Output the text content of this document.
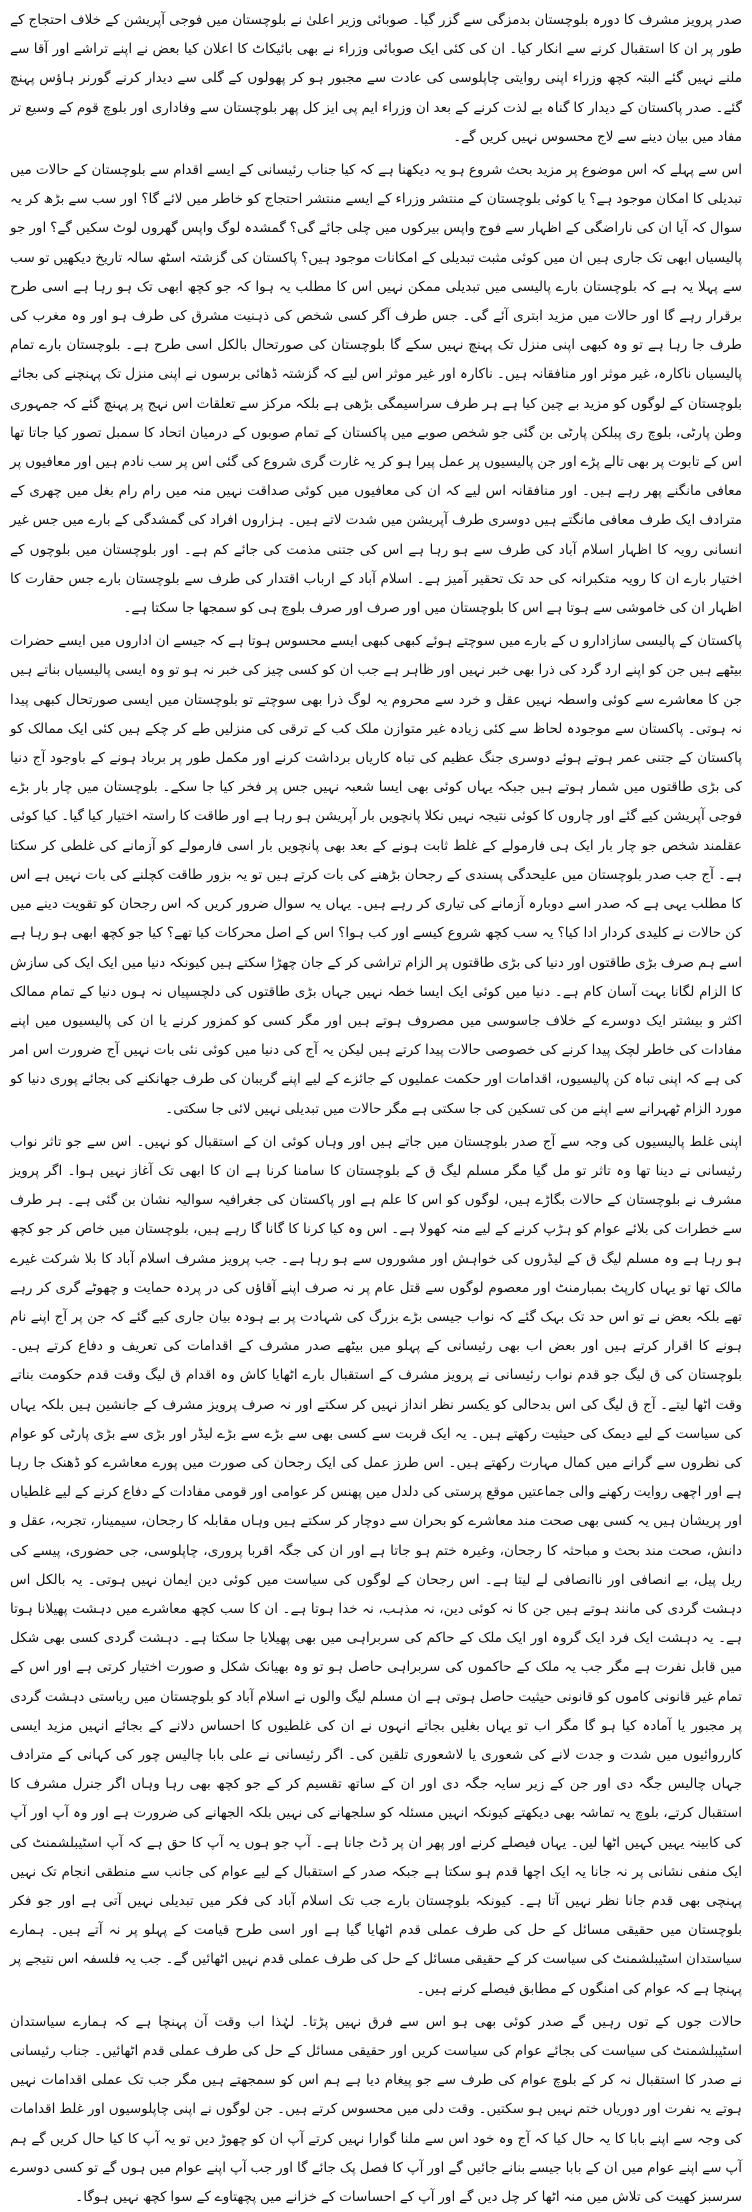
صدر پرویز مشرف کا دورہ بلوچستان بدمزگی سے گزر گیا۔ صوبائی وزیر اعلیٰ نے بلوچستان میں فوجی آپریشن کے خلاف احتجاج کے طور پر ان کا استقبال کرنے سے انکار کیا۔ ان کی کئی ایک صوبائی وزراء نے بھی بائیکاٹ کا اعلان کیا بعض نے اپنے تراشے اور آقا سے ملنے نہیں گئے البتہ کچھ وزراء اپنی روایتی چاپلوسی کی عادت سے مجبور ہو کر پھولوں کے گلی سے دیدار کرنے گورنر ہاؤس پہنچ گئے۔ صدر پاکستان کے دیدار کا گناہ بے لذت کرنے کے بعد ان وزراء ایم پی ایز کل پھر بلوچستان سے وفاداری اور بلوچ قوم کے وسیع تر مفاد میں بیان دینے سے لاج محسوس نہیں کریں گے۔

اس سے پہلے کہ اس موضوع پر مزید بحث شروع ہو یہ دیکھنا ہے کہ کیا جناب رئیسانی کے ایسے اقدام سے بلوچستان کے حالات میں تبدیلی کا امکان موجود ہے؟ یا کوئی بلوچستان کے منتشر وزراء کے ایسے منتشر احتجاج کو خاطر میں لائے گا؟ اور سب سے بڑھ کر یہ سوال کہ آیا ان کی ناراضگی کے اظہار سے فوج واپس بیرکوں میں چلی جائے گی؟ گمشدہ لوگ واپس گھروں لوٹ سکیں گے؟ اور جو پالیسیاں ابھی تک جاری ہیں ان میں کوئی مثبت تبدیلی کے امکانات موجود ہیں؟ پاکستان کی گزشتہ اسٹھ سالہ تاریخ دیکھیں تو سب سے پہلا یہ ہے کہ بلوچستان بارے پالیسی میں تبدیلی ممکن نہیں اس کا مطلب یہ ہوا کہ جو کچھ ابھی تک ہو رہا ہے اسی طرح برقرار رہے گا اور حالات میں مزید ابتری آئے گی۔ جس طرف آگر کسی شخص کی ذہنیت مشرق کی طرف ہو اور وہ مغرب کی طرف جا رہا ہے تو وہ کبھی اپنی منزل تک پہنچ نہیں سکے گا بلوچستان کی صورتحال بالکل اسی طرح ہے۔ بلوچستان بارے تمام پالیسیاں ناکارہ، غیر موثر اور منافقانہ ہیں۔ ناکارہ اور غیر موثر اس لیے کہ گزشتہ ڈھائی برسوں نے اپنی منزل تک پہنچنے کی بجائے بلوچستان کے لوگوں کو مزید بے چین کیا ہے ہر طرف سراسیمگی بڑھی ہے بلکہ مرکز سے تعلقات اس نہج پر پہنچ گئے کہ جمہوری وطن پارٹی، بلوچ ری پبلکن پارٹی بن گئی جو شخص صوبے میں پاکستان کے تمام صوبوں کے درمیان اتحاد کا سمبل تصور کیا جاتا تھا اس کے تابوت پر بھی تالے پڑے اور جن پالیسیوں پر عمل پیرا ہو کر یہ غارت گری شروع کی گئی اس پر سب نادم ہیں اور معافیوں پر معافی مانگنے پھر رہے ہیں۔ اور منافقانہ اس لیے کہ ان کی معافیوں میں کوئی صداقت نہیں منہ میں رام رام بغل میں چھری کے مترادف ایک طرف معافی مانگتے ہیں دوسری طرف آپریشن میں شدت لاتے ہیں۔ ہزاروں افراد کی گمشدگی کے بارے میں جس غیر انسانی رویہ کا اظہار اسلام آباد کی طرف سے ہو رہا ہے اس کی جتنی مذمت کی جائے کم ہے۔ اور بلوچستان میں بلوچوں کے اختیار بارے ان کا رویہ متکبرانہ کی حد تک تحقیر آمیز ہے۔ اسلام آباد کے ارباب اقتدار کی طرف سے بلوچستان بارے جس حقارت کا اظہار ان کی خاموشی سے ہوتا ہے اس کا بلوچستان میں اور صرف اور صرف بلوچ ہی کو سمجھا جا سکتا ہے۔

پاکستان کے پالیسی سازادارو ں کے بارے میں سوچتے ہوئے کبھی کبھی ایسے محسوس ہوتا ہے کہ جیسے ان اداروں میں ایسے حضرات بیٹھے ہیں جن کو اپنے ارد گرد کی ذرا بھی خبر نہیں اور ظاہر ہے جب ان کو کسی چیز کی خبر نہ ہو تو وہ ایسی پالیسیاں بناتے ہیں جن کا معاشرے سے کوئی واسطہ نہیں عقل و خرد سے محروم یہ لوگ ذرا بھی سوچتے تو بلوچستان میں ایسی صورتحال کبھی پیدا نہ ہوتی۔ پاکستان سے موجودہ لحاظ سے کئی زیادہ غیر متوازن ملک کب کے ترقی کی منزلیں طے کر چکے ہیں کئی ایک ممالک کو پاکستان کے جتنی عمر ہوتے ہوئے دوسری جنگ عظیم کی تباہ کاریاں برداشت کرنے اور مکمل طور پر برباد ہونے کے باوجود آج دنیا کی بڑی طاقتوں میں شمار ہوتے ہیں جبکہ یہاں کوئی بھی ایسا شعبہ نہیں جس پر فخر کیا جا سکے۔ بلوچستان میں چار بار بڑے فوجی آپریشن کیے گئے اور چاروں کا کوئی نتیجہ نہیں نکلا پانچویں بار آپریشن ہو رہا ہے اور طاقت کا راستہ اختیار کیا گیا۔ کیا کوئی عقلمند شخص جو چار بار ایک ہی فارمولے کے غلط ثابت ہونے کے بعد بھی پانچویں بار اسی فارمولے کو آزمانے کی غلطی کر سکتا ہے۔ آج جب صدر بلوچستان میں علیحدگی پسندی کے رجحان بڑھنے کی بات کرتے ہیں تو یہ بزور طاقت کچلنے کی بات نہیں ہے اس کا مطلب یہی ہے کہ صدر اسے دوبارہ آزمانے کی تیاری کر رہے ہیں۔ یہاں یہ سوال ضرور کریں کہ اس رجحان کو تقویت دینے میں کن حالات نے کلیدی کردار ادا کیا؟ یہ سب کچھ شروع کیسے اور کب ہوا؟ اس کے اصل محرکات کیا تھے؟ کیا جو کچھ ابھی ہو رہا ہے اسے ہم صرف بڑی طاقتوں اور دنیا کی بڑی طاقتوں پر الزام تراشی کر کے جان چھڑا سکتے ہیں کیونکہ دنیا میں ایک ایک کی سازش کا الزام لگانا بہت آسان کام ہے۔ دنیا میں کوئی ایک ایسا خطہ نہیں جہاں بڑی طاقتوں کی دلچسپیاں نہ ہوں دنیا کے تمام ممالک اکثر و بیشتر ایک دوسرے کے خلاف جاسوسی میں مصروف ہوتے ہیں اور مگر کسی کو کمزور کرنے یا ان کی پالیسیوں میں اپنے مفادات کی خاطر لچک پیدا کرنے کی خصوصی حالات پیدا کرتے ہیں لیکن یہ آج کی دنیا میں کوئی نئی بات نہیں آج ضرورت اس امر کی ہے کہ اپنی تباہ کن پالیسیوں، اقدامات اور حکمت عملیوں کے جائزے کے لیے اپنے گریبان کی طرف جھانکنے کی بجائے پوری دنیا کو مورد الزام ٹھہرانے سے اپنے من کی تسکین کی جا سکتی ہے مگر حالات میں تبدیلی نہیں لائی جا سکتی۔

اپنی غلط پالیسیوں کی وجہ سے آج صدر بلوچستان میں جاتے ہیں اور وہاں کوئی ان کے استقبال کو نہیں۔ اس سے جو تاثر نواب رئیسانی نے دینا تھا وہ تاثر تو مل گیا مگر مسلم لیگ ق کے بلوچستان کا سامنا کرنا ہے ان کا ابھی تک آغاز نہیں ہوا۔ اگر پرویز مشرف نے بلوچستان کے حالات بگاڑے ہیں، لوگوں کو اس کا علم ہے اور پاکستان کی جغرافیہ سوالیہ نشان بن گئی ہے۔ ہر طرف سے خطرات کی بلائے عوام کو ہڑپ کرنے کے لیے منہ کھولا ہے۔ اس وہ کیا کرنا کا گانا گا رہے ہیں، بلوچستان میں خاص کر جو کچھ ہو رہا ہے وہ مسلم لیگ ق کے لیڈروں کی خواہش اور مشوروں سے ہو رہا ہے۔ جب پرویز مشرف اسلام آباد کا بلا شرکت غیرے مالک تھا تو یہاں کارپٹ بمبارمنٹ اور معصوم لوگوں سے قتل عام پر نہ صرف اپنے آقاؤں کی در پردہ حمایت و چھوٹے گری کر رہے تھے بلکہ بعض نے تو اس حد تک بہک گئے کہ نواب جیسی بڑے بزرگ کی شہادت پر بے ہودہ بیان جاری کیے گئے کہ جن پر آج اپنے نام ہونے کا اقرار کرتے ہیں اور بعض اب بھی رئیسانی کے پہلو میں بیٹھے صدر مشرف کے اقدامات کی تعریف و دفاع کرتے ہیں۔ بلوچستان کی ق لیگ جو قدم نواب رئیسانی نے پرویز مشرف کے استقبال بارے اٹھایا کاش وہ اقدام ق لیگ وقت قدم حکومت بناتے وقت اٹھا لیتے۔ آج ق لیگ کی اس بدحالی کو یکسر نظر انداز نہیں کر سکتے اور نہ صرف پرویز مشرف کے جانشین ہیں بلکہ یہاں کی سیاست کے لیے دیمک کی حیثیت رکھتے ہیں۔ یہ ایک قربت سے کسی بھی سے بڑے سے بڑے لیڈر اور بڑی سے بڑی پارٹی کو عوام کی نظروں سے گرانے میں کمال مہارت رکھتے ہیں۔ اس طرز عمل کی ایک رجحان کی صورت میں پورے معاشرے کو ڈھنک جا رہا ہے اور اچھی روایت رکھنے والی جماعتیں موقع پرستی کی دلدل میں پھنس کر عوامی اور قومی مفادات کے دفاع کرنے کے لیے غلطیاں اور پریشان ہیں یہ کسی بھی صحت مند معاشرے کو بحران سے دوچار کر سکتے ہیں وہاں مقابلہ کا رجحان، سیمینار، تجربہ، عقل و دانش، صحت مند بحث و مباحثہ کا رجحان، وغیرہ ختم ہو جاتا ہے اور ان کی جگہ اقربا پروری، چاپلوسی، جی حضوری، پیسے کی ریل پیل، بے انصافی اور ناانصافی لے لیتا ہے۔ اس رجحان کے لوگوں کی سیاست میں کوئی دین ایمان نہیں ہوتی۔ یہ بالکل اس دہشت گردی کی مانند ہوتے ہیں جن کا نہ کوئی دین، نہ مذہب، نہ خدا ہوتا ہے۔ ان کا سب کچھ معاشرے میں دہشت پھیلانا ہوتا ہے۔ یہ دہشت ایک فرد ایک گروہ اور ایک ملک کے حاکم کی سربراہی میں بھی پھیلایا جا سکتا ہے۔ دہشت گردی کسی بھی شکل میں قابل نفرت ہے مگر جب یہ ملک کے حاکموں کی سربراہی حاصل ہو تو وہ بھیانک شکل و صورت اختیار کرتی ہے اور اس کے تمام غیر قانونی کاموں کو قانونی حیثیت حاصل ہوتی ہے ان مسلم لیگ والوں نے اسلام آباد کو بلوچستان میں ریاستی دہشت گردی پر مجبور یا آمادہ کیا ہو گا مگر اب تو یہاں بغلیں بجاتے انہوں نے ان کی غلطیوں کا احساس دلانے کے بجائے انہیں مزید ایسی کارروائیوں میں شدت و جدت لانے کی شعوری یا لاشعوری تلقین کی۔ اگر رئیسانی نے علی بابا چالیس چور کی کہانی کے مترادف جہاں چالیس جگہ دی اور جن کے زیر سایہ جگہ دی اور ان کے ساتھ تقسیم کر کے جو کچھ بھی رہا وہاں اگر جنرل مشرف کا استقبال کرتے، بلوچ یہ تماشہ بھی دیکھتے کیونکہ انہیں مسئلہ کو سلجھانے کی نہیں بلکہ الجھانے کی ضرورت ہے اور وہ آپ اور آپ کی کابینہ یہیں کہیں اٹھا لیں۔ یہاں فیصلے کرنے اور پھر ان پر ڈٹ جانا ہے۔ آپ جو ہوں یہ آپ کا حق ہے کہ آپ اسٹیبلشمنٹ کی ایک منفی نشانی پر نہ جانا یہ ایک اچھا قدم ہو سکتا ہے جبکہ صدر کے استقبال کے لیے عوام کی جانب سے منطقی انجام تک نہیں پہنچی بھی قدم جانا نظر نہیں آتا ہے۔ کیونکہ بلوچستان بارے جب تک اسلام آباد کی فکر میں تبدیلی نہیں آتی ہے اور جو فکر بلوچستان میں حقیقی مسائل کے حل کی طرف عملی قدم اٹھایا گیا ہے اور اسی طرح قیامت کے پہلو پر نہ آتے ہیں۔ ہمارے سیاستدان اسٹیبلشمنٹ کی سیاست کر کے حقیقی مسائل کے حل کی طرف عملی قدم نہیں اٹھائیں گے۔ جب یہ فلسفہ اس نتیجے پر پہنچا ہے کہ عوام کی امنگوں کے مطابق فیصلے کرنے ہیں۔

حالات جوں کے توں رہیں گے صدر کوئی بھی ہو اس سے فرق نہیں پڑتا۔ لہٰذا اب وقت آن پہنچا ہے کہ ہمارے سیاستدان اسٹیبلشمنٹ کی سیاست کی بجائے عوام کی سیاست کریں اور حقیقی مسائل کے حل کی طرف عملی قدم اٹھائیں۔ جناب رئیسانی نے صدر کا استقبال نہ کر کے بلوچ عوام کی طرف سے جو پیغام دیا ہے ہم اس کو سمجھتے ہیں مگر جب تک عملی اقدامات نہیں ہوتے یہ نفرت اور دوریاں ختم نہیں ہو سکتیں۔ وقت دلی میں محسوس کرتے ہیں۔ جن لوگوں نے اپنی چاپلوسیوں اور غلط اقدامات کی وجہ سے اپنے بابا کا یہ حال کیا کہ آج وہ خود اس سے ملنا گوارا نہیں کرتے آپ ان کو چھوڑ دیں تو یہ آپ کا کیا حال کریں گے ہم آپ سے اپنے عوام میں ان کے بابا جیسے بنانے جائیں گے اور آپ کا فصل پک جائے گا اور جب آپ اپنے عوام میں ہوں گے تو کسی دوسرے سرسبز کھیت کی تلاش میں منہ اٹھا کر چل دیں گے اور آپ کے احساسات کے خزانے میں پچھتاوے کے سوا کچھ نہیں ہوگا۔
